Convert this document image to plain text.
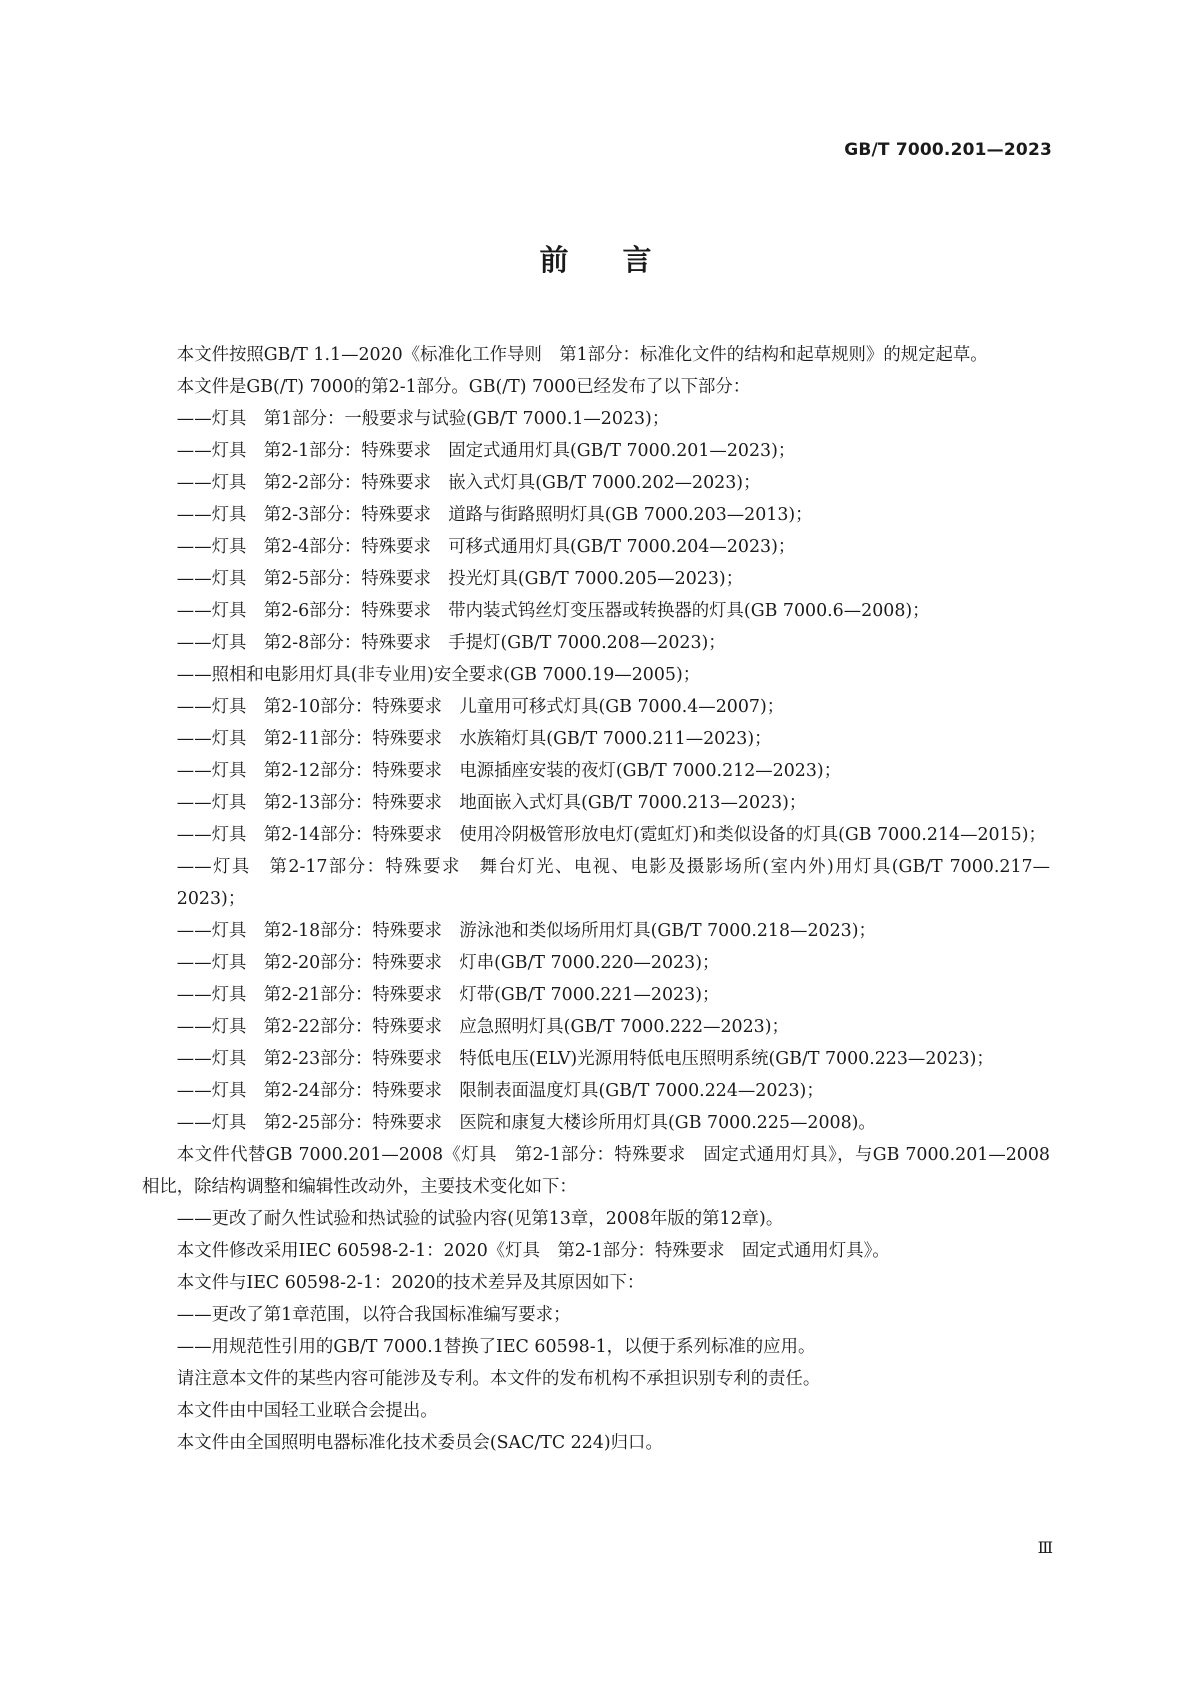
GB/T 7000.201—2023
前言

本文件按照GB/T 1.1—2020《标准化工作导则　第1部分：标准化文件的结构和起草规则》的规定起草。

本文件是GB(/T) 7000的第2-1部分。GB(/T) 7000已经发布了以下部分：

——灯具　第1部分：一般要求与试验(GB/T 7000.1—2023)；

——灯具　第2-1部分：特殊要求　固定式通用灯具(GB/T 7000.201—2023)；

——灯具　第2-2部分：特殊要求　嵌入式灯具(GB/T 7000.202—2023)；

——灯具　第2-3部分：特殊要求　道路与街路照明灯具(GB 7000.203—2013)；

——灯具　第2-4部分：特殊要求　可移式通用灯具(GB/T 7000.204—2023)；

——灯具　第2-5部分：特殊要求　投光灯具(GB/T 7000.205—2023)；

——灯具　第2-6部分：特殊要求　带内装式钨丝灯变压器或转换器的灯具(GB 7000.6—2008)；

——灯具　第2-8部分：特殊要求　手提灯(GB/T 7000.208—2023)；

——照相和电影用灯具(非专业用)安全要求(GB 7000.19—2005)；

——灯具　第2-10部分：特殊要求　儿童用可移式灯具(GB 7000.4—2007)；

——灯具　第2-11部分：特殊要求　水族箱灯具(GB/T 7000.211—2023)；

——灯具　第2-12部分：特殊要求　电源插座安装的夜灯(GB/T 7000.212—2023)；

——灯具　第2-13部分：特殊要求　地面嵌入式灯具(GB/T 7000.213—2023)；

——灯具　第2-14部分：特殊要求　使用冷阴极管形放电灯(霓虹灯)和类似设备的灯具(GB 7000.214—2015)；

——灯具　第2-17部分：特殊要求　舞台灯光、电视、电影及摄影场所(室内外)用灯具(GB/T 7000.217—2023)；

——灯具　第2-18部分：特殊要求　游泳池和类似场所用灯具(GB/T 7000.218—2023)；

——灯具　第2-20部分：特殊要求　灯串(GB/T 7000.220—2023)；

——灯具　第2-21部分：特殊要求　灯带(GB/T 7000.221—2023)；

——灯具　第2-22部分：特殊要求　应急照明灯具(GB/T 7000.222—2023)；

——灯具　第2-23部分：特殊要求　特低电压(ELV)光源用特低电压照明系统(GB/T 7000.223—2023)；

——灯具　第2-24部分：特殊要求　限制表面温度灯具(GB/T 7000.224—2023)；

——灯具　第2-25部分：特殊要求　医院和康复大楼诊所用灯具(GB 7000.225—2008)。

本文件代替GB 7000.201—2008《灯具　第2-1部分：特殊要求　固定式通用灯具》，与GB 7000.201—2008相比，除结构调整和编辑性改动外，主要技术变化如下：

——更改了耐久性试验和热试验的试验内容(见第13章，2008年版的第12章)。

本文件修改采用IEC 60598-2-1：2020《灯具　第2-1部分：特殊要求　固定式通用灯具》。

本文件与IEC 60598-2-1：2020的技术差异及其原因如下：

——更改了第1章范围，以符合我国标准编写要求；

——用规范性引用的GB/T 7000.1替换了IEC 60598-1，以便于系列标准的应用。

请注意本文件的某些内容可能涉及专利。本文件的发布机构不承担识别专利的责任。

本文件由中国轻工业联合会提出。

本文件由全国照明电器标准化技术委员会(SAC/TC 224)归口。

Ⅲ
